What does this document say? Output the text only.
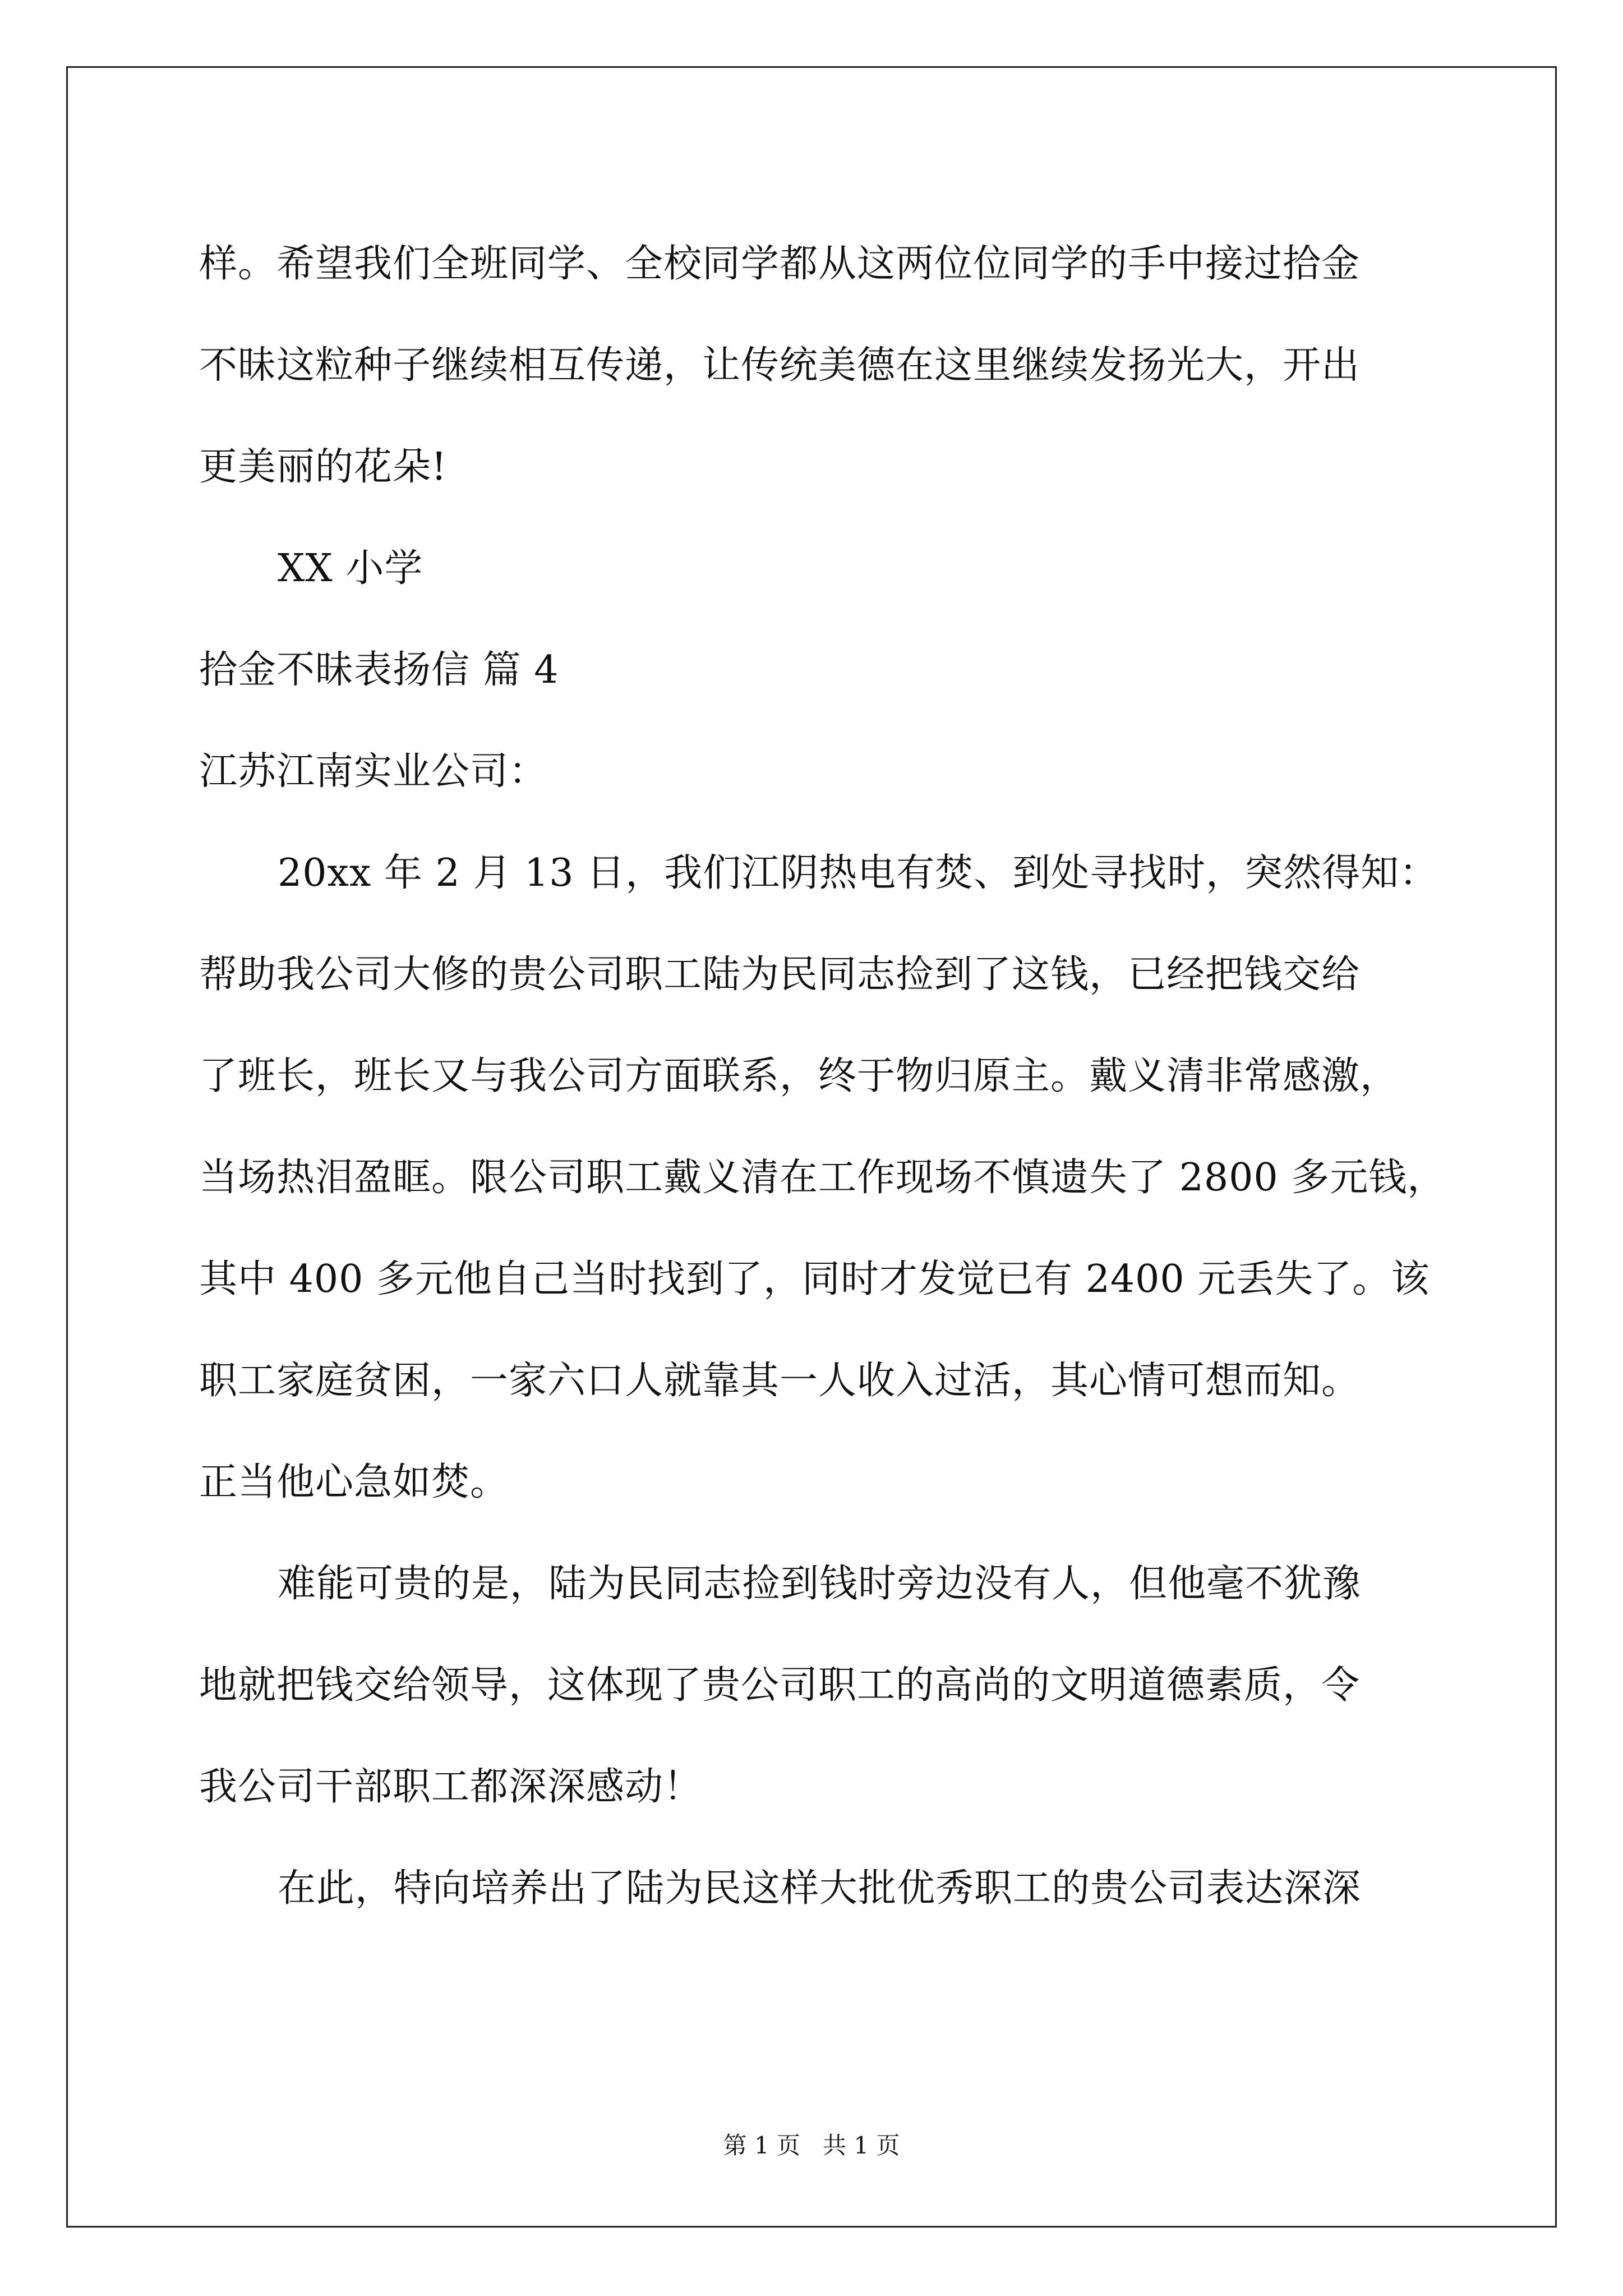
样。希望我们全班同学、全校同学都从这两位位同学的手中接过拾金
不昧这粒种子继续相互传递，让传统美德在这里继续发扬光大，开出
更美丽的花朵!
XX 小学
拾金不昧表扬信 篇 4
江苏江南实业公司：
20xx 年 2 月 13 日，我们江阴热电有焚、到处寻找时，突然得知：
帮助我公司大修的贵公司职工陆为民同志捡到了这钱，已经把钱交给
了班长，班长又与我公司方面联系，终于物归原主。戴义清非常感激，
当场热泪盈眶。限公司职工戴义清在工作现场不慎遗失了 2800 多元钱，
其中 400 多元他自己当时找到了，同时才发觉已有 2400 元丢失了。该
职工家庭贫困，一家六口人就靠其一人收入过活，其心情可想而知。
正当他心急如焚。
难能可贵的是，陆为民同志捡到钱时旁边没有人，但他毫不犹豫
地就把钱交给领导，这体现了贵公司职工的高尚的文明道德素质，令
我公司干部职工都深深感动！
在此，特向培养出了陆为民这样大批优秀职工的贵公司表达深深
第 1 页 共 1 页
